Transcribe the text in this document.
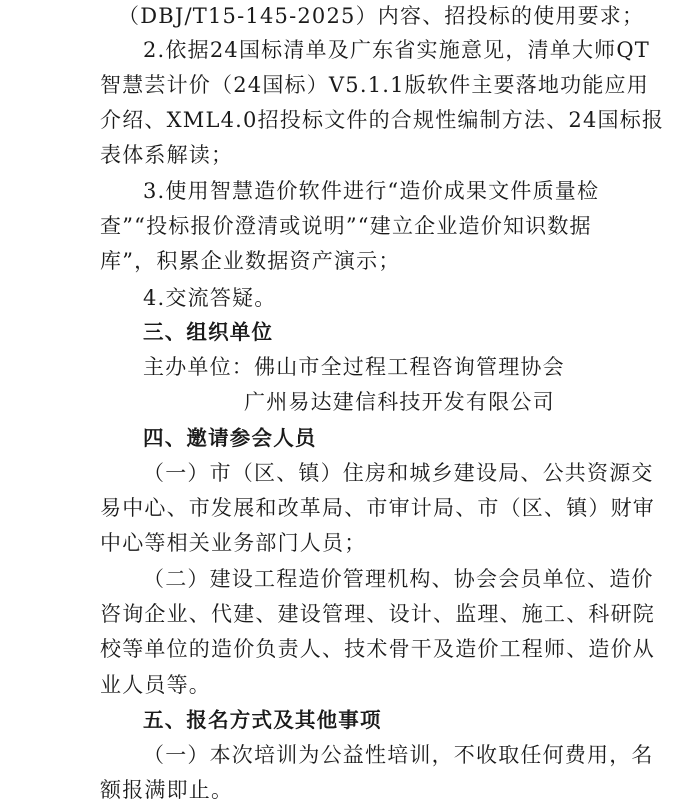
（DBJ/T15-145-2025）内容、招投标的使用要求；
2.依据24国标清单及广东省实施意见，清单大师QT
智慧芸计价（24国标）V5.1.1版软件主要落地功能应用
介绍、XML4.0招投标文件的合规性编制方法、24国标报
表体系解读；
3.使用智慧造价软件进行“造价成果文件质量检
查”“投标报价澄清或说明”“建立企业造价知识数据
库”，积累企业数据资产演示；
4.交流答疑。
三、组织单位
主办单位：佛山市全过程工程咨询管理协会
广州易达建信科技开发有限公司
四、邀请参会人员
（一）市（区、镇）住房和城乡建设局、公共资源交
易中心、市发展和改革局、市审计局、市（区、镇）财审
中心等相关业务部门人员；
（二）建设工程造价管理机构、协会会员单位、造价
咨询企业、代建、建设管理、设计、监理、施工、科研院
校等单位的造价负责人、技术骨干及造价工程师、造价从
业人员等。
五、报名方式及其他事项
（一）本次培训为公益性培训，不收取任何费用，名
额报满即止。
